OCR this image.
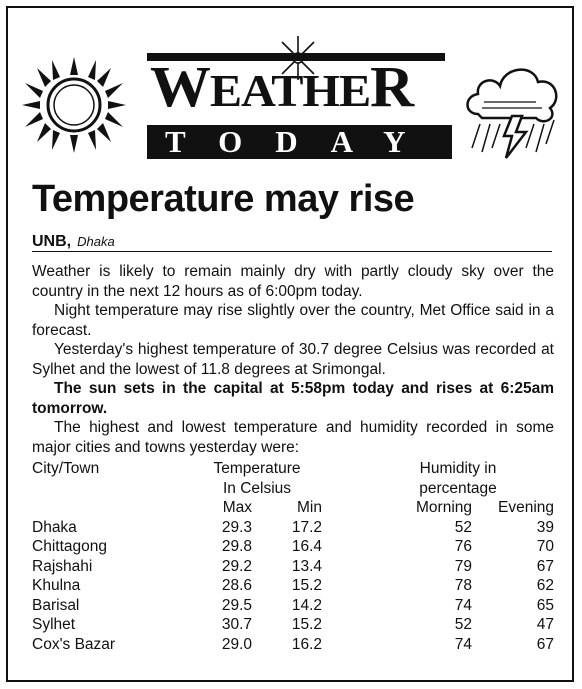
WEATHER
TODAY
Temperature may rise
UNB, Dhaka

Weather is likely to remain mainly dry with partly cloudy sky over the country in the next 12 hours as of 6:00pm today.

Night temperature may rise slightly over the country, Met Office said in a forecast.

Yesterday's highest temperature of 30.7 degree Celsius was recorded at Sylhet and the lowest of 11.8 degrees at Srimongal.

The sun sets in the capital at 5:58pm today and rises at 6:25am tomorrow.

The highest and lowest temperature and humidity recorded in some major cities and towns yesterday were:

City/Town	Temperature		Humidity in	
	In Celsius		percentage	
	Max	Min	Morning	Evening
Dhaka	29.3	17.2	52	39
Chittagong	29.8	16.4	76	70
Rajshahi	29.2	13.4	79	67
Khulna	28.6	15.2	78	62
Barisal	29.5	14.2	74	65
Sylhet	30.7	15.2	52	47
Cox's Bazar	29.0	16.2	74	67
